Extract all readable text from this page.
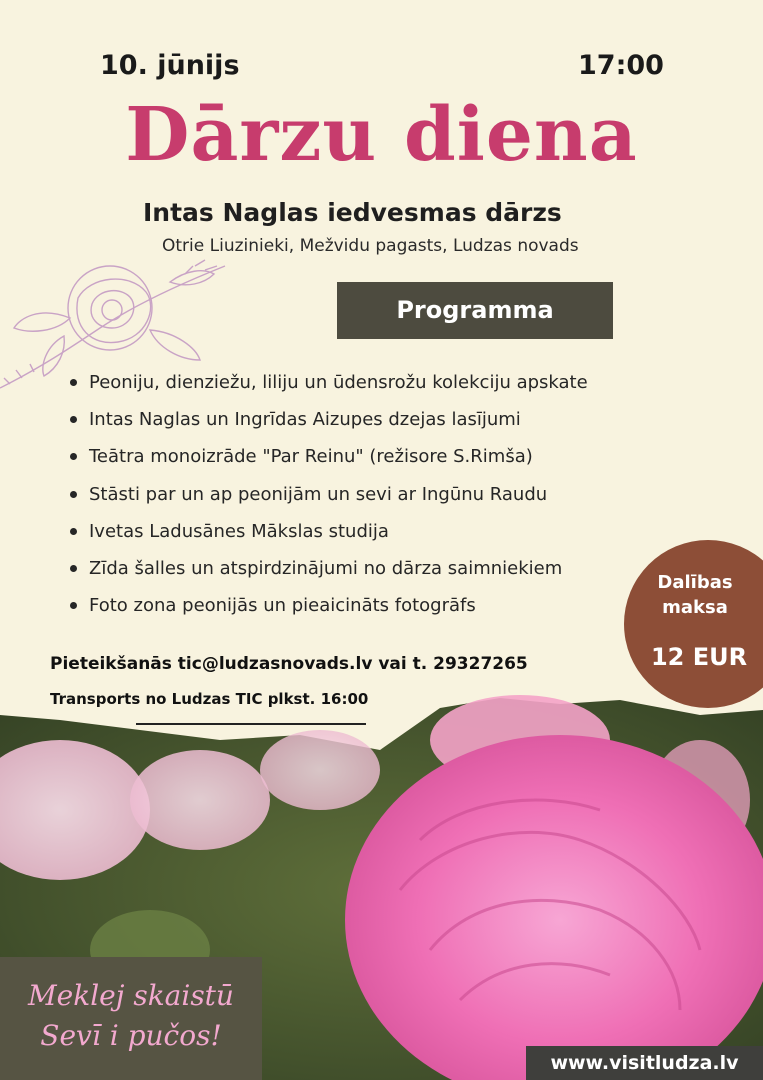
10. jūnijs	17:00
Dārzu diena
Intas Naglas iedvesmas dārzs
Otrie Liuzinieki, Mežvidu pagasts, Ludzas novads
Programma
Peoniju, dienziežu, liliju un ūdensrožu kolekciju apskate
Intas Naglas un Ingrīdas Aizupes dzejas lasījumi
Teātra monoizrāde "Par Reinu" (režisore S.Rimša)
Stāsti par un ap peonijām un sevi ar Ingūnu Raudu
Ivetas Ladusānes Mākslas studija
Zīda šalles un atspirdzinājumi no dārza saimniekiem
Foto zona peonijās un pieaicināts fotogrāfs
Dalības
maksa
12 EUR
Pieteikšanās tic@ludzasnovads.lv vai t. 29327265
Transports no Ludzas TIC plkst. 16:00
Meklej skaistū
Sevī i pučos!
www.visitludza.lv
